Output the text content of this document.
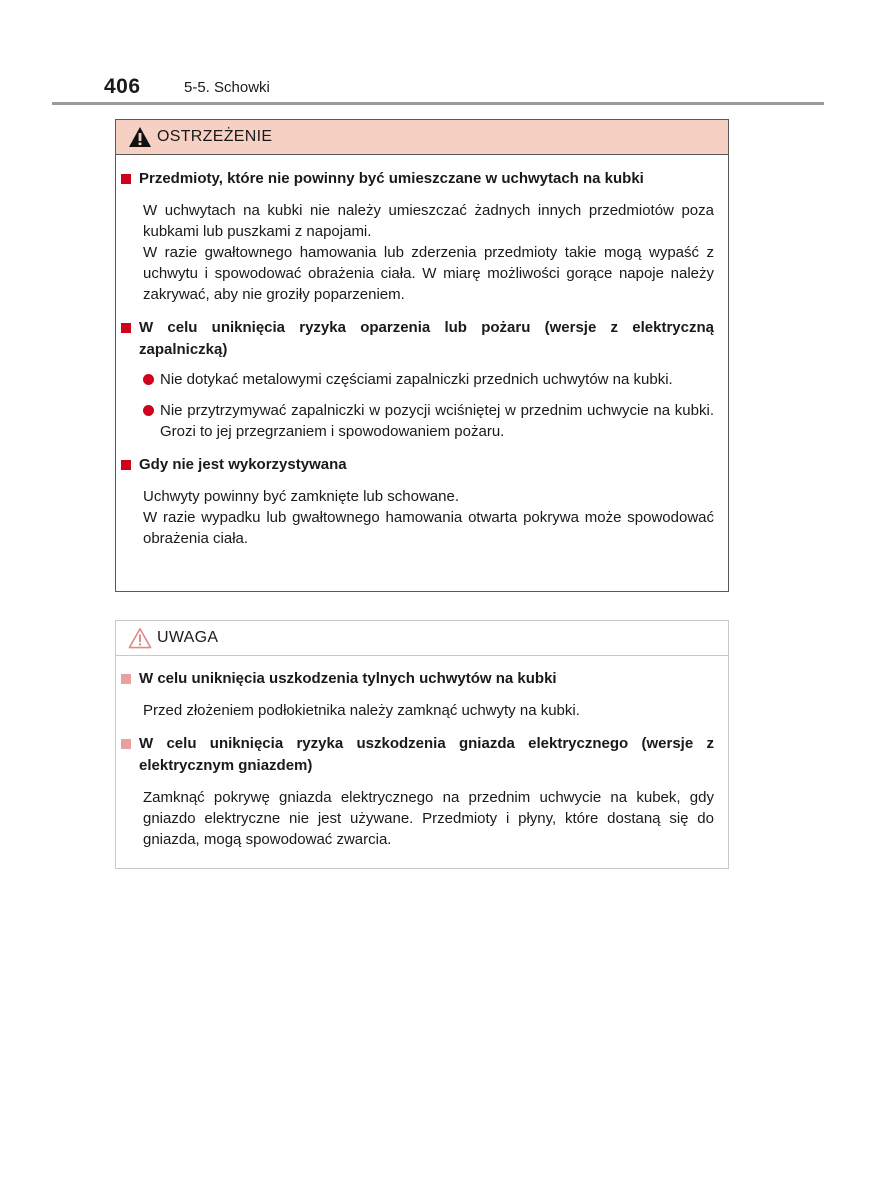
406	5-5. Schowki
OSTRZEŻENIE
Przedmioty, które nie powinny być umieszczane w uchwytach na kubki

W uchwytach na kubki nie należy umieszczać żadnych innych przedmiotów poza kubkami lub puszkami z napojami.

W razie gwałtownego hamowania lub zderzenia przedmioty takie mogą wypaść z uchwytu i spowodować obrażenia ciała. W miarę możliwości gorące napoje należy zakrywać, aby nie groziły poparzeniem.

W celu uniknięcia ryzyka oparzenia lub pożaru (wersje z elektryczną zapalniczką)
Nie dotykać metalowymi częściami zapalniczki przednich uchwytów na kubki.
Nie przytrzymywać zapalniczki w pozycji wciśniętej w przednim uchwycie na kubki. Grozi to jej przegrzaniem i spowodowaniem pożaru.
Gdy nie jest wykorzystywana

Uchwyty powinny być zamknięte lub schowane.

W razie wypadku lub gwałtownego hamowania otwarta pokrywa może spowodować obrażenia ciała.

UWAGA
W celu uniknięcia uszkodzenia tylnych uchwytów na kubki

Przed złożeniem podłokietnika należy zamknąć uchwyty na kubki.

W celu uniknięcia ryzyka uszkodzenia gniazda elektrycznego (wersje z elektrycznym gniazdem)

Zamknąć pokrywę gniazda elektrycznego na przednim uchwycie na kubek, gdy gniazdo elektryczne nie jest używane. Przedmioty i płyny, które dostaną się do gniazda, mogą spowodować zwarcia.
